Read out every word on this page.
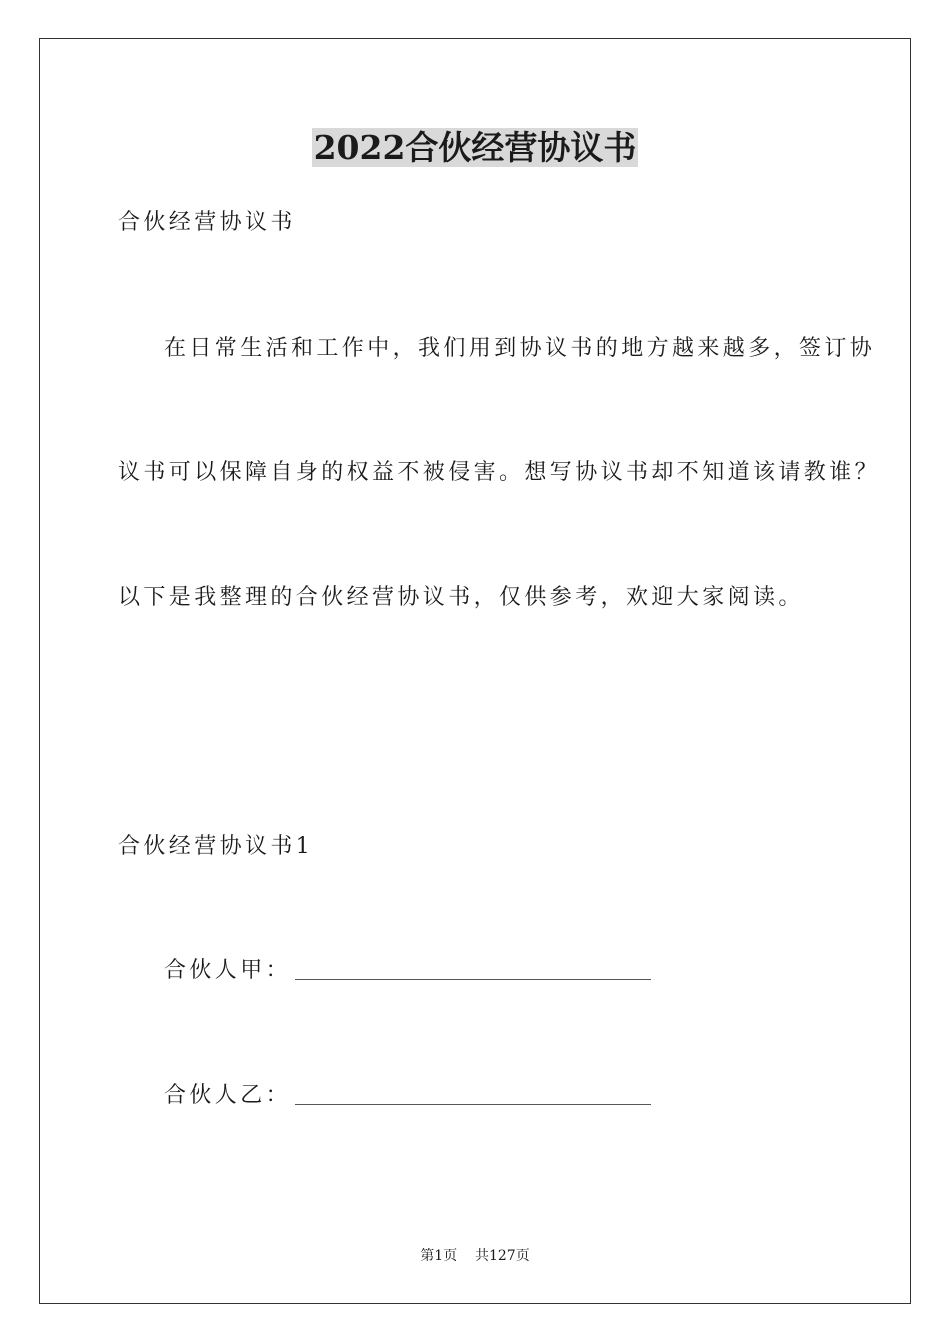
2022合伙经营协议书

合伙经营协议书

在日常生活和工作中，我们用到协议书的地方越来越多，签订协

议书可以保障自身的权益不被侵害。想写协议书却不知道该请教谁？

以下是我整理的合伙经营协议书，仅供参考，欢迎大家阅读。

合伙经营协议书1

合伙人甲：
合伙人乙：
第1页    共127页
